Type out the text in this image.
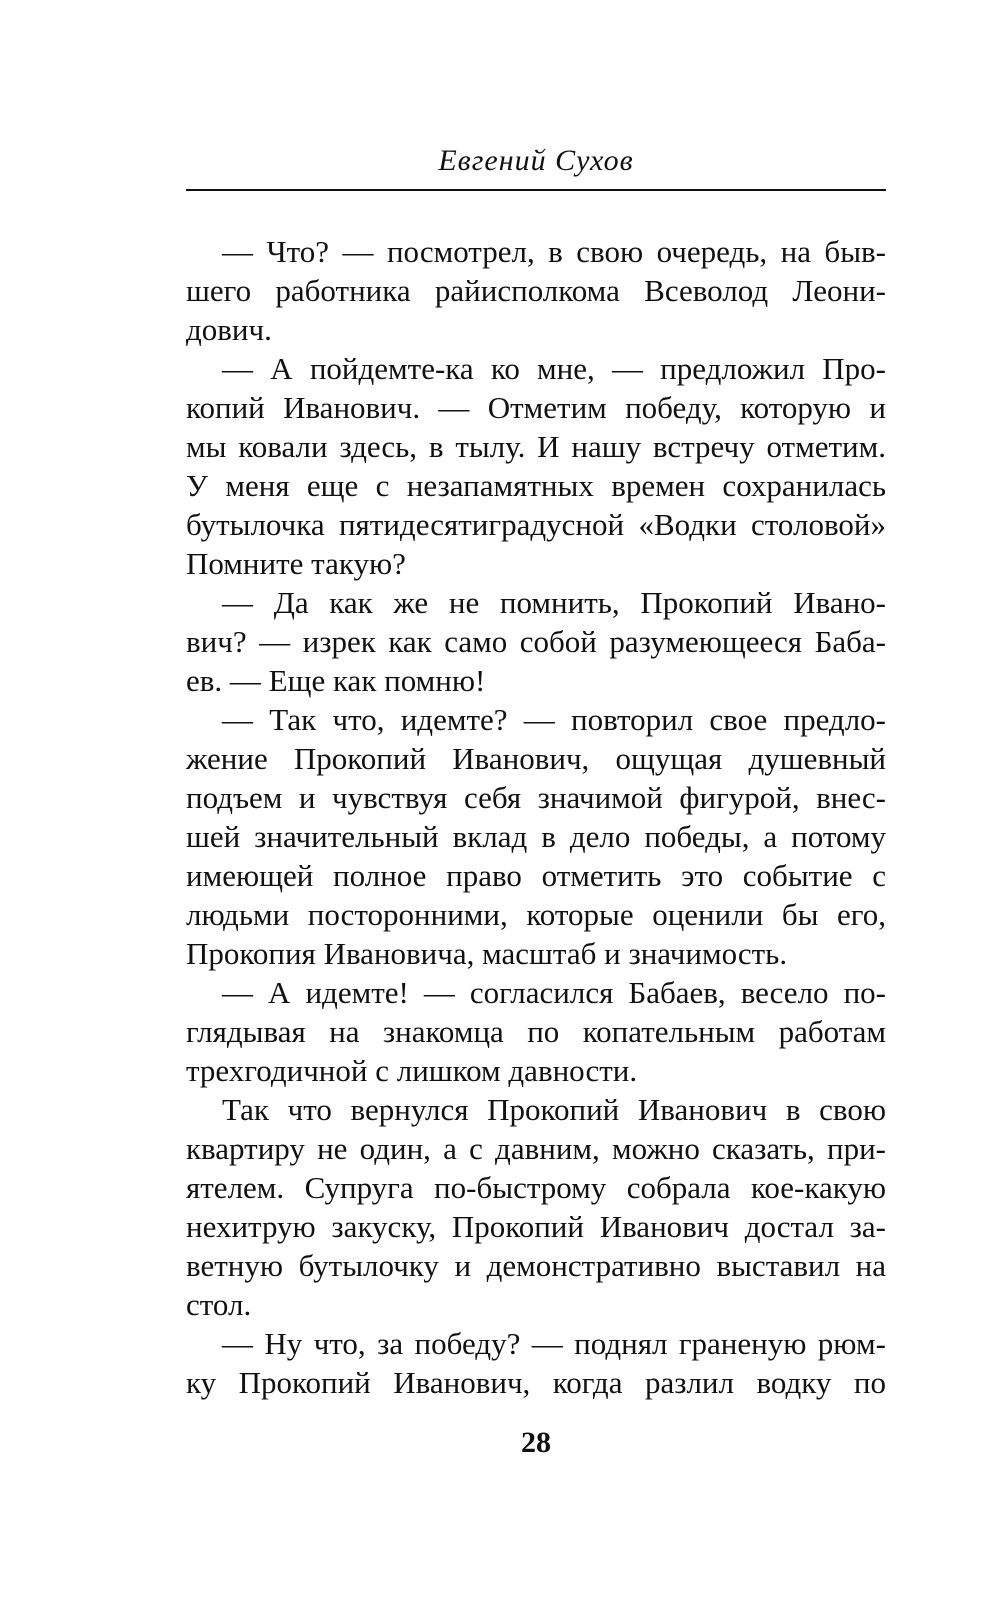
Евгений Сухов
— Что? — посмотрел, в свою очередь, на быв-
шего работника райисполкома Всеволод Леони-
дович.
— А пойдемте-ка ко мне, — предложил Про-
копий Иванович. — Отметим победу, которую и
мы ковали здесь, в тылу. И нашу встречу отметим.
У меня еще с незапамятных времен сохранилась
бутылочка пятидесятиградусной «Водки столовой»
Помните такую?
— Да как же не помнить, Прокопий Ивано-
вич? — изрек как само собой разумеющееся Баба-
ев. — Еще как помню!
— Так что, идемте? — повторил свое предло-
жение Прокопий Иванович, ощущая душевный
подъем и чувствуя себя значимой фигурой, внес-
шей значительный вклад в дело победы, а потому
имеющей полное право отметить это событие с
людьми посторонними, которые оценили бы его,
Прокопия Ивановича, масштаб и значимость.
— А идемте! — согласился Бабаев, весело по-
глядывая на знакомца по копательным работам
трехгодичной с лишком давности.
Так что вернулся Прокопий Иванович в свою
квартиру не один, а с давним, можно сказать, при-
ятелем. Супруга по-быстрому собрала кое-какую
нехитрую закуску, Прокопий Иванович достал за-
ветную бутылочку и демонстративно выставил на
стол.
— Ну что, за победу? — поднял граненую рюм-
ку Прокопий Иванович, когда разлил водку по
28
